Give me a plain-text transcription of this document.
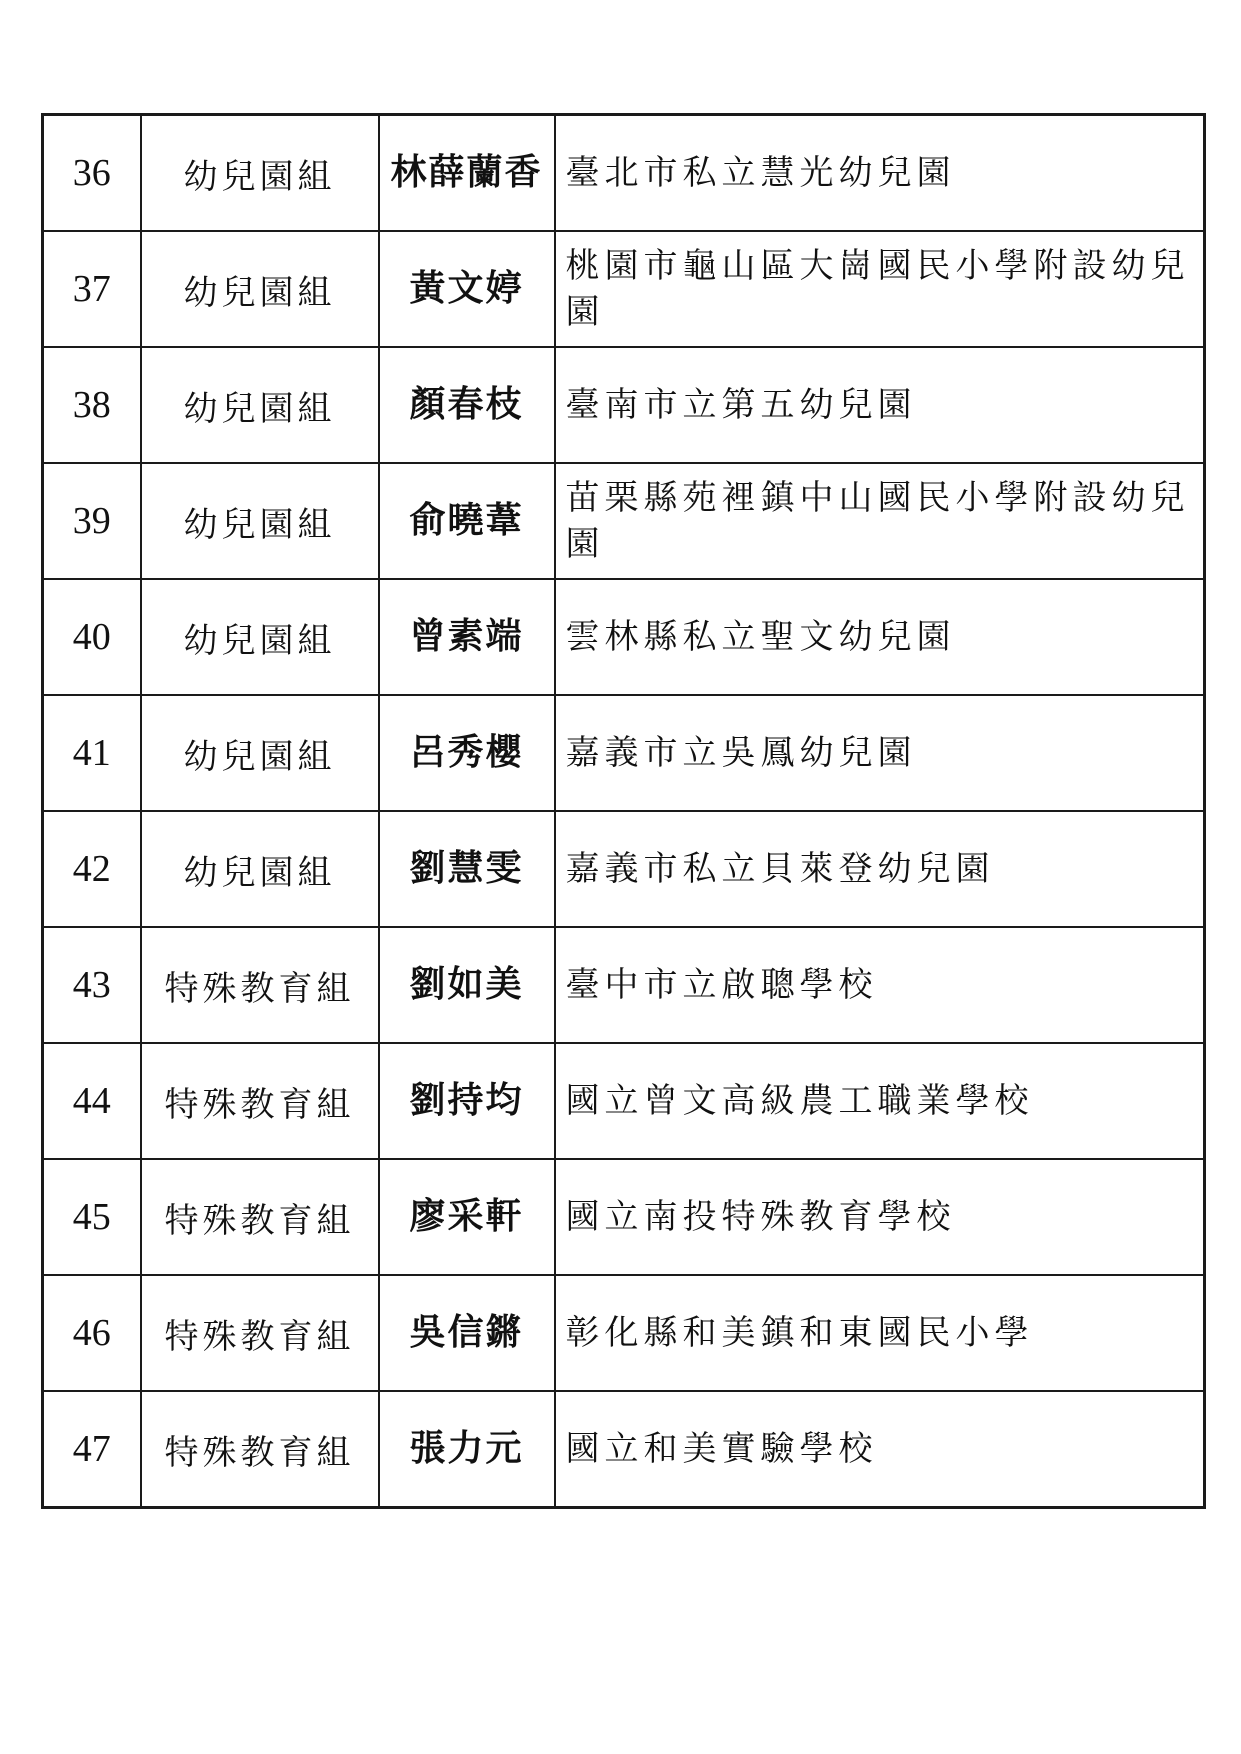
36	幼兒園組	林薛蘭香	臺北市私立慧光幼兒園
37	幼兒園組	黃文婷	桃園市龜山區大崗國民小學附設幼兒園
38	幼兒園組	顏春枝	臺南市立第五幼兒園
39	幼兒園組	俞曉葦	苗栗縣苑裡鎮中山國民小學附設幼兒園
40	幼兒園組	曾素端	雲林縣私立聖文幼兒園
41	幼兒園組	呂秀櫻	嘉義市立吳鳳幼兒園
42	幼兒園組	劉慧雯	嘉義市私立貝萊登幼兒園
43	特殊教育組	劉如美	臺中市立啟聰學校
44	特殊教育組	劉持均	國立曾文高級農工職業學校
45	特殊教育組	廖采軒	國立南投特殊教育學校
46	特殊教育組	吳信鏘	彰化縣和美鎮和東國民小學
47	特殊教育組	張力元	國立和美實驗學校
